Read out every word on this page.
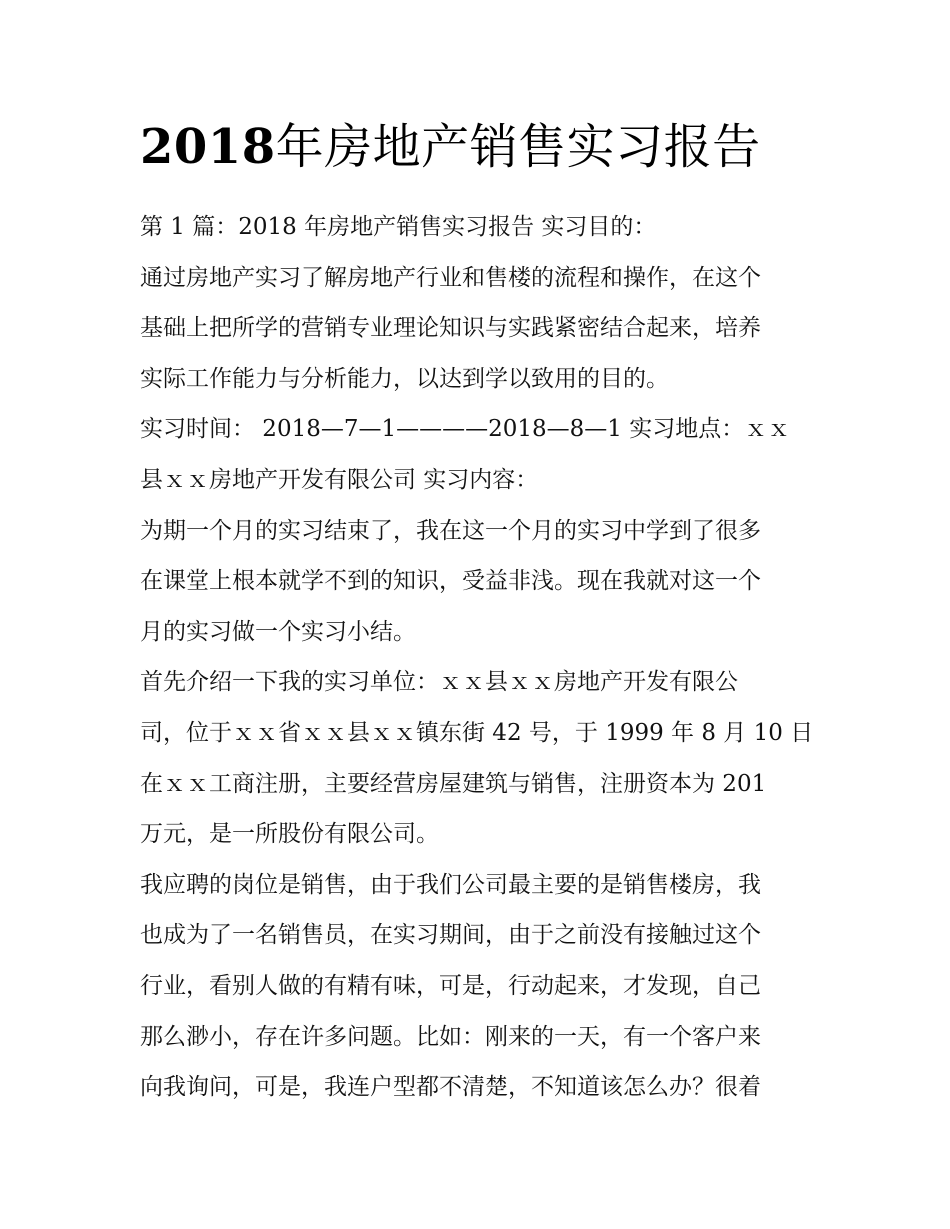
2018年房地产销售实习报告
第 1 篇：2018 年房地产销售实习报告 实习目的：
通过房地产实习了解房地产行业和售楼的流程和操作，在这个
基础上把所学的营销专业理论知识与实践紧密结合起来，培养
实际工作能力与分析能力，以达到学以致用的目的。
实习时间： 2018—7—1————2018—8—1 实习地点：ｘｘ
县ｘｘ房地产开发有限公司 实习内容：
为期一个月的实习结束了，我在这一个月的实习中学到了很多
在课堂上根本就学不到的知识，受益非浅。现在我就对这一个
月的实习做一个实习小结。
首先介绍一下我的实习单位：ｘｘ县ｘｘ房地产开发有限公
司，位于ｘｘ省ｘｘ县ｘｘ镇东街 42 号，于 1999 年 8 月 10 日
在ｘｘ工商注册，主要经营房屋建筑与销售，注册资本为 201
万元，是一所股份有限公司。
我应聘的岗位是销售，由于我们公司最主要的是销售楼房，我
也成为了一名销售员，在实习期间，由于之前没有接触过这个
行业，看别人做的有精有味，可是，行动起来，才发现，自己
那么渺小，存在许多问题。比如：刚来的一天，有一个客户来
向我询问，可是，我连户型都不清楚，不知道该怎么办？很着
